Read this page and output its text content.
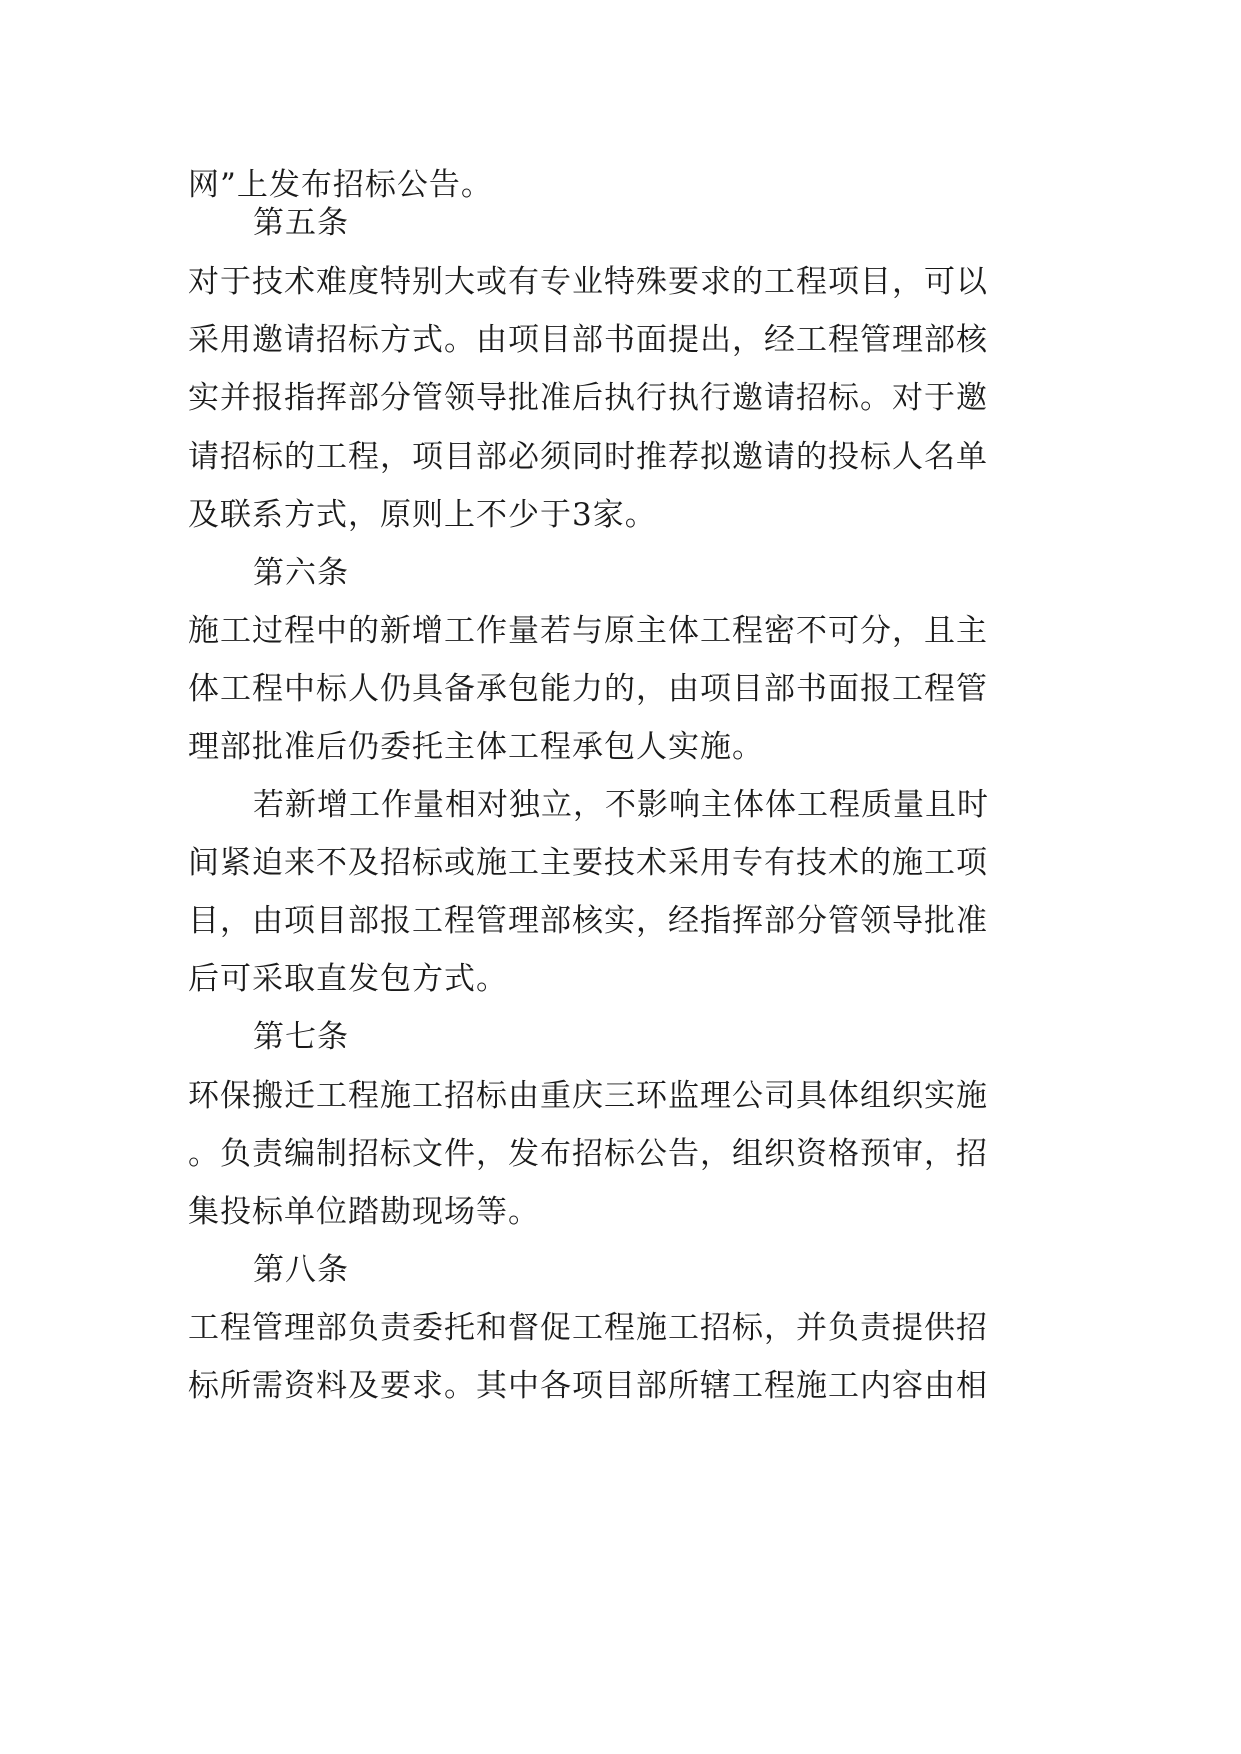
网”上发布招标公告。
第五条
对于技术难度特别大或有专业特殊要求的工程项目，可以
采用邀请招标方式。由项目部书面提出，经工程管理部核
实并报指挥部分管领导批准后执行执行邀请招标。对于邀
请招标的工程，项目部必须同时推荐拟邀请的投标人名单
及联系方式，原则上不少于3家。
第六条
施工过程中的新增工作量若与原主体工程密不可分，且主
体工程中标人仍具备承包能力的，由项目部书面报工程管
理部批准后仍委托主体工程承包人实施。
若新增工作量相对独立，不影响主体体工程质量且时
间紧迫来不及招标或施工主要技术采用专有技术的施工项
目，由项目部报工程管理部核实，经指挥部分管领导批准
后可采取直发包方式。
第七条
环保搬迁工程施工招标由重庆三环监理公司具体组织实施
。负责编制招标文件，发布招标公告，组织资格预审，招
集投标单位踏勘现场等。
第八条
工程管理部负责委托和督促工程施工招标，并负责提供招
标所需资料及要求。其中各项目部所辖工程施工内容由相
